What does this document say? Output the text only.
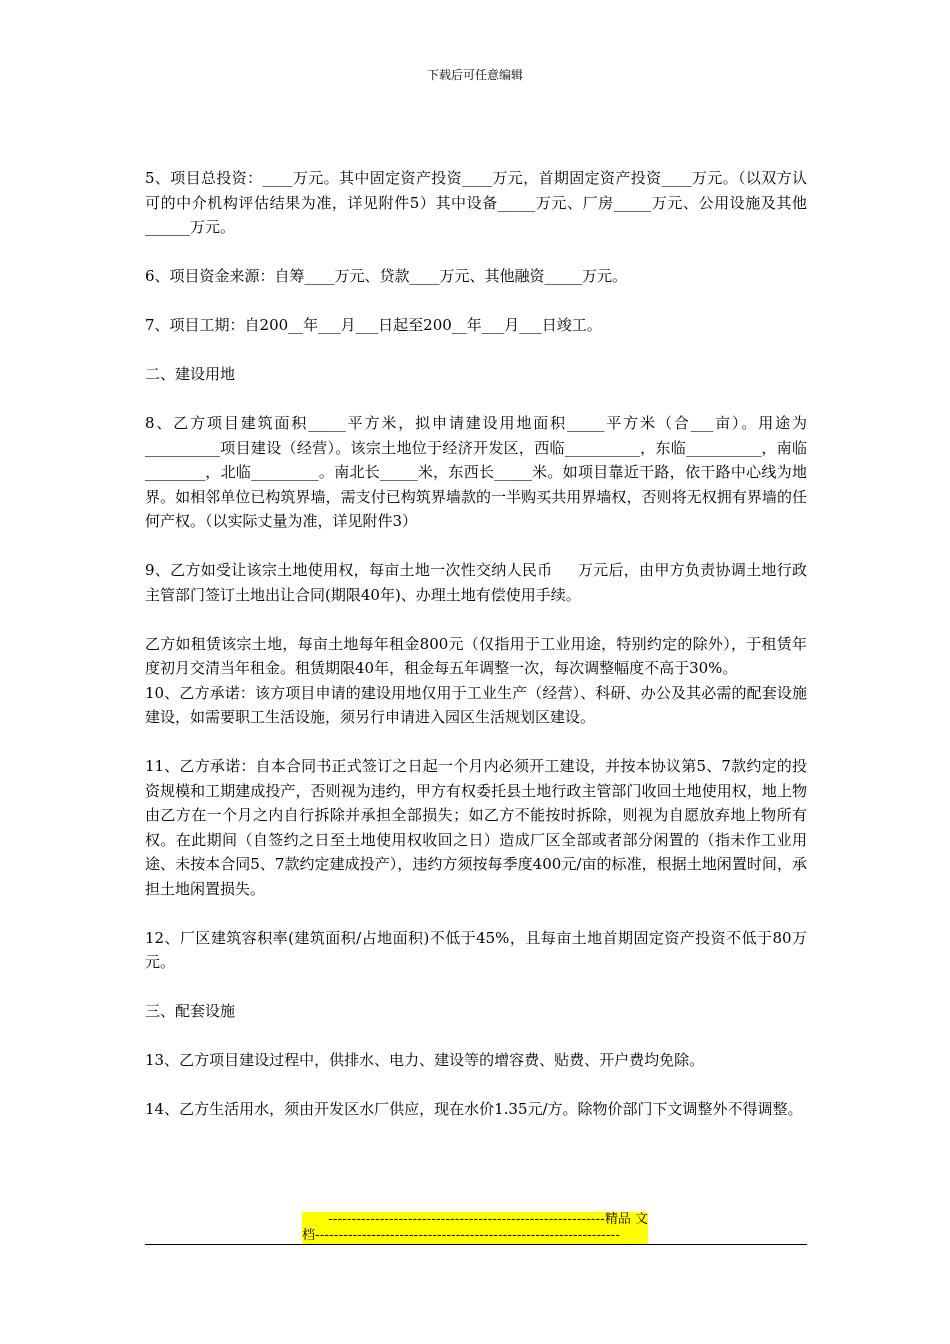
下载后可任意编辑

5、项目总投资：____万元。其中固定资产投资____万元，首期固定资产投资____万元。（以双方认可的中介机构评估结果为准，详见附件5）其中设备_____万元、厂房_____万元、公用设施及其他______万元。

6、项目资金来源：自筹____万元、贷款____万元、其他融资_____万元。

7、项目工期：自200__年___月___日起至200__年___月___日竣工。

二、建设用地

8、乙方项目建筑面积_____平方米，拟申请建设用地面积_____平方米（合___亩）。用途为__________项目建设（经营）。该宗土地位于经济开发区，西临__________，东临__________，南临________，北临_________。南北长_____米，东西长_____米。如项目靠近干路，依干路中心线为地界。如相邻单位已构筑界墙，需支付已构筑界墙款的一半购买共用界墙权，否则将无权拥有界墙的任何产权。（以实际丈量为准，详见附件3）

9、乙方如受让该宗土地使用权，每亩土地一次性交纳人民币 　 万元后，由甲方负责协调土地行政主管部门签订土地出让合同(期限40年)、办理土地有偿使用手续。

乙方如租赁该宗土地，每亩土地每年租金800元（仅指用于工业用途，特别约定的除外），于租赁年度初月交清当年租金。租赁期限40年，租金每五年调整一次，每次调整幅度不高于30%。

10、乙方承诺：该方项目申请的建设用地仅用于工业生产（经营）、科研、办公及其必需的配套设施建设，如需要职工生活设施，须另行申请进入园区生活规划区建设。

11、乙方承诺：自本合同书正式签订之日起一个月内必须开工建设，并按本协议第5、7款约定的投资规模和工期建成投产，否则视为违约，甲方有权委托县土地行政主管部门收回土地使用权，地上物由乙方在一个月之内自行拆除并承担全部损失；如乙方不能按时拆除，则视为自愿放弃地上物所有权。在此期间（自签约之日至土地使用权收回之日）造成厂区全部或者部分闲置的（指未作工业用途、未按本合同5、7款约定建成投产），违约方须按每季度400元/亩的标准，根据土地闲置时间，承担土地闲置损失。

12、厂区建筑容积率(建筑面积/占地面积)不低于45%，且每亩土地首期固定资产投资不低于80万元。

三、配套设施

13、乙方项目建设过程中，供排水、电力、建设等的增容费、贴费、开户费均免除。

14、乙方生活用水，须由开发区水厂供应，现在水价1.35元/方。除物价部门下文调整外不得调整。

-----------------------------------------------------------精品 文
档-----------------------------------------------------------------
